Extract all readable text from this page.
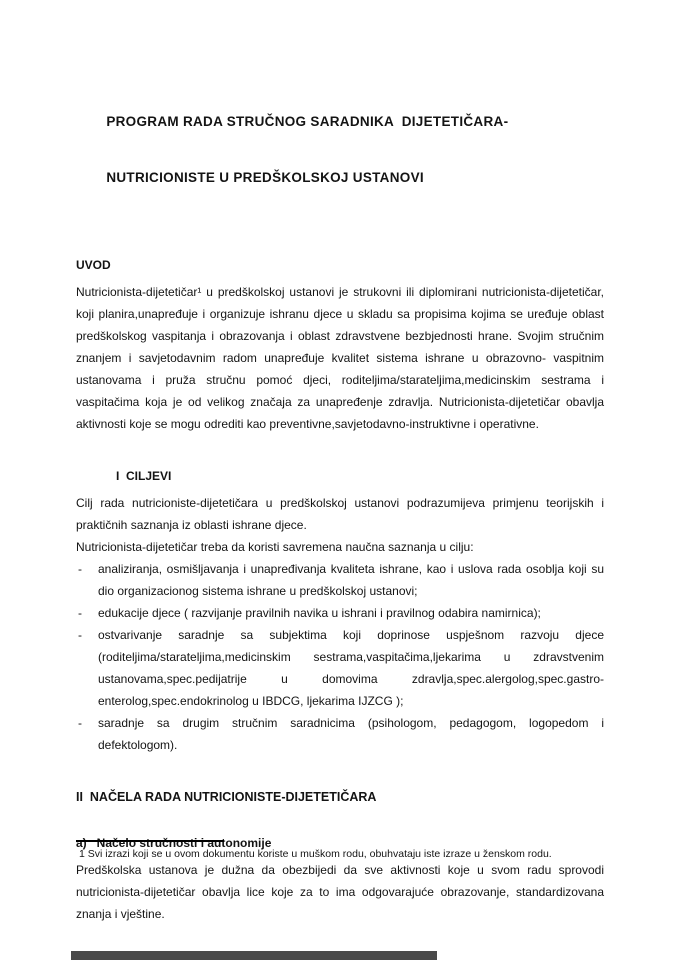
PROGRAM RADA STRUČNOG SARADNIKA  DIJETETIČARA-

NUTRICIONISTE U PREDŠKOLSKOJ USTANOVI

UVOD

Nutricionista-dijetetičar¹ u predškolskoj ustanovi je strukovni ili diplomirani nutricionista-dijetetičar, koji planira,unapređuje i organizuje ishranu djece u skladu sa propisima kojima se uređuje oblast predškolskog vaspitanja i obrazovanja i oblast zdravstvene bezbjednosti hrane. Svojim stručnim znanjem i savjetodavnim radom unapređuje kvalitet sistema ishrane u obrazovno- vaspitnim ustanovama i pruža stručnu pomoć djeci, roditeljima/starateljima,medicinskim sestrama i vaspitačima koja je od velikog značaja za unapređenje zdravlja. Nutricionista-dijetetičar obavlja aktivnosti koje se mogu odrediti kao preventivne,savjetodavno-instruktivne i operativne.

I  CILJEVI

Cilj rada nutricioniste-dijetetičara u predškolskoj ustanovi podrazumijeva primjenu teorijskih i praktičnih saznanja iz oblasti ishrane djece.

Nutricionista-dijetetičar treba da koristi savremena naučna saznanja u cilju:

- analiziranja, osmišljavanja i unapređivanja kvaliteta ishrane, kao i uslova rada osoblja koji su dio organizacionog sistema ishrane u predškolskoj ustanovi;
- edukacije djece ( razvijanje pravilnih navika u ishrani i pravilnog odabira namirnica);
- ostvarivanje saradnje sa subjektima koji doprinose uspješnom razvoju djece (roditeljima/starateljima,medicinskim sestrama,vaspitačima,ljekarima u zdravstvenim ustanovama,spec.pedijatrije u domovima zdravlja,spec.alergolog,spec.gastro-enterolog,spec.endokrinolog u IBDCG, ljekarima IJZCG );
- saradnje sa drugim stručnim saradnicima (psihologom, pedagogom, logopedom i defektologom).
II  NAČELA RADA NUTRICIONISTE-DIJETETIČARA
a)   Načelo stručnosti i autonomije

Predškolska ustanova je dužna da obezbijedi da sve aktivnosti koje u svom radu sprovodi nutricionista-dijetetičar obavlja lice koje za to ima odgovarajuće obrazovanje, standardizovana znanja i vještine.

1 Svi izrazi koji se u ovom dokumentu koriste u muškom rodu, obuhvataju iste izraze u ženskom rodu.
